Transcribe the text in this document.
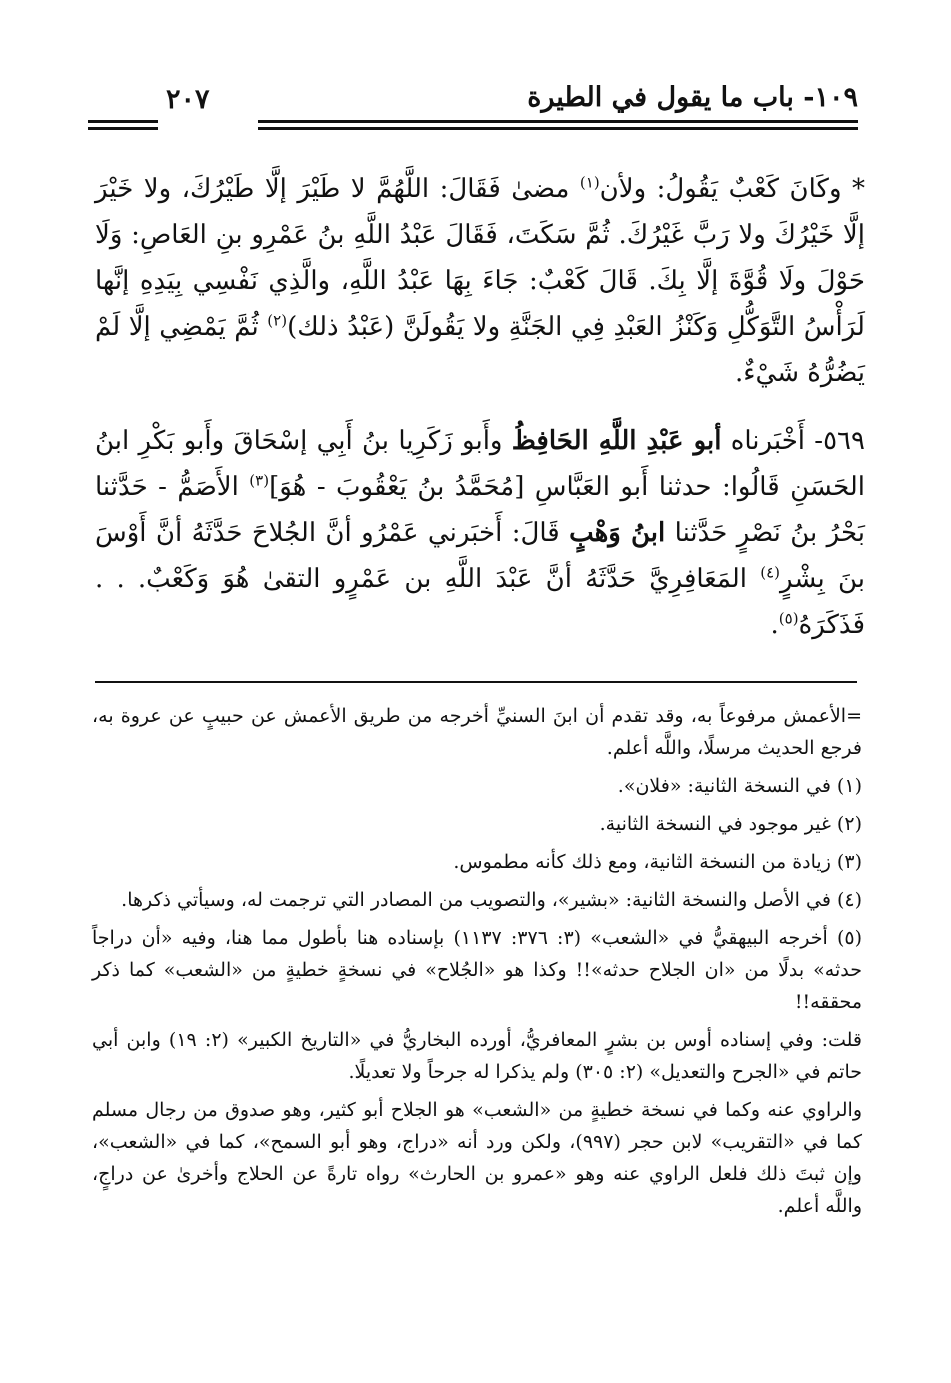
١٠٩- باب ما يقول في الطيرة
٢٠٧

* وكَانَ كَعْبٌ يَقُولُ: ولأن$^{(١)}$ مضىٰ فَقَالَ: اللَّهُمَّ لا طَيْرَ إلَّا طَيْرُكَ، ولا خَيْرَ إلَّا خَيْرُكَ ولا رَبَّ غَيْرُكَ. ثُمَّ سَكَتَ، فَقَالَ عَبْدُ اللَّهِ بنُ عَمْرِو بنِ العَاصِ: وَلَا حَوْلَ ولَا قُوَّةَ إلَّا بِكَ. قَالَ كَعْبٌ: جَاءَ بِهَا عَبْدُ اللَّهِ، والَّذِي نَفْسِي بِيَدِهِ إنَّها لَرَأْسُ التَّوَكُّلِ وَكَنْزُ العَبْدِ فِي الجَنَّةِ ولا يَقُولَنَّ (عَبْدُ ذلك)$^{(٢)}$ ثُمَّ يَمْضِي إلَّا لَمْ يَضُرُّهُ شَيْءٌ.

٥٦٩- أَخْبَرناه أبو عَبْدِ اللَّهِ الحَافِظُ وأَبو زَكَرِيا بنُ أَبِي إسْحَاقَ وأَبو بَكْرِ ابنُ الحَسَنِ قَالُوا: حدثنا أَبو العَبَّاسِ [مُحَمَّدُ بنُ يَعْقُوبَ - هُوَ]$^{(٣)}$ الأَصَمُّ - حَدَّثنا بَحْرُ بنُ نَصْرٍ حَدَّثنا ابنُ وَهْبٍ قَالَ: أَخبَرني عَمْرُو أنَّ الجُلاحَ حَدَّثَهُ أنَّ أَوْسَ بنَ بِشْرٍ$^{(٤)}$ المَعَافِرِيَّ حَدَّثَهُ أنَّ عَبْدَ اللَّهِ بن عَمْرٍو التقىٰ هُوَ وَكَعْبٌ. . . فَذَكَرَهُ$^{(٥)}$.

=الأعمش مرفوعاً به، وقد تقدم أن ابنَ السنيِّ أخرجه من طريق الأعمش عن حبيبٍ عن عروة به، فرجع الحديث مرسلًا، واللَّه أعلم.

(١) في النسخة الثانية: «فلان».

(٢) غير موجود في النسخة الثانية.

(٣) زيادة من النسخة الثانية، ومع ذلك كأنه مطموس.

(٤) في الأصل والنسخة الثانية: «بشير»، والتصويب من المصادر التي ترجمت له، وسيأتي ذكرها.

(٥) أخرجه البيهقيُّ في «الشعب» (٣: ٣٧٦: ١١٣٧) بإسناده هنا بأطول مما هنا، وفيه «أن دراجاً حدثه» بدلًا من «ان الجلاح حدثه»!! وكذا هو «الجُلاح» في نسخةٍ خطيةٍ من «الشعب» كما ذكر محققه!!

قلت: وفي إسناده أوس بن بشرٍ المعافريُّ، أورده البخاريُّ في «التاريخ الكبير» (٢: ١٩) وابن أبي حاتم في «الجرح والتعديل» (٢: ٣٠٥) ولم يذكرا له جرحاً ولا تعديلًا.

والراوي عنه وكما في نسخة خطيةٍ من «الشعب» هو الجلاح أبو كثير، وهو صدوق من رجال مسلم كما في «التقريب» لابن حجر (٩٩٧)، ولكن ورد أنه «دراج، وهو أبو السمح»، كما في «الشعب»، وإن ثبتَ ذلك فلعل الراوي عنه وهو «عمرو بن الحارث» رواه تارةً عن الحلاج وأخرىٰ عن دراجٍ، واللَّه أعلم.
